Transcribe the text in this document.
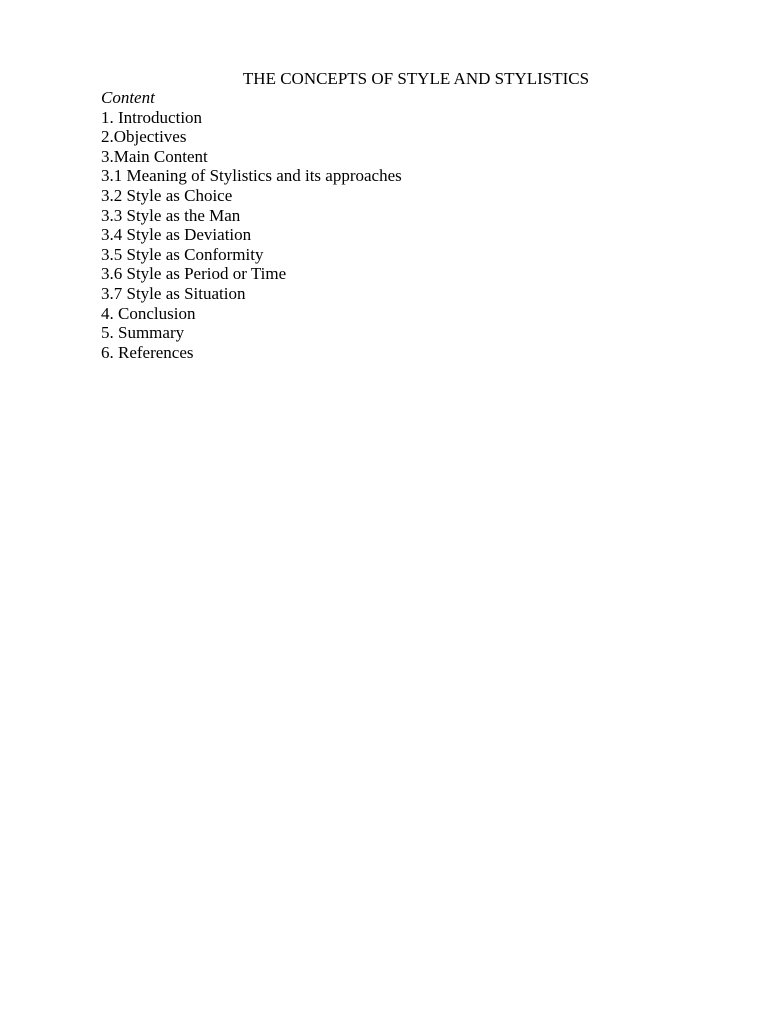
THE CONCEPTS OF STYLE AND STYLISTICS
Content
1. Introduction
2.Objectives
3.Main Content
3.1 Meaning of Stylistics and its approaches
3.2 Style as Choice
3.3 Style as the Man
3.4 Style as Deviation
3.5 Style as Conformity
3.6 Style as Period or Time
3.7 Style as Situation
4. Conclusion
5. Summary
6. References
